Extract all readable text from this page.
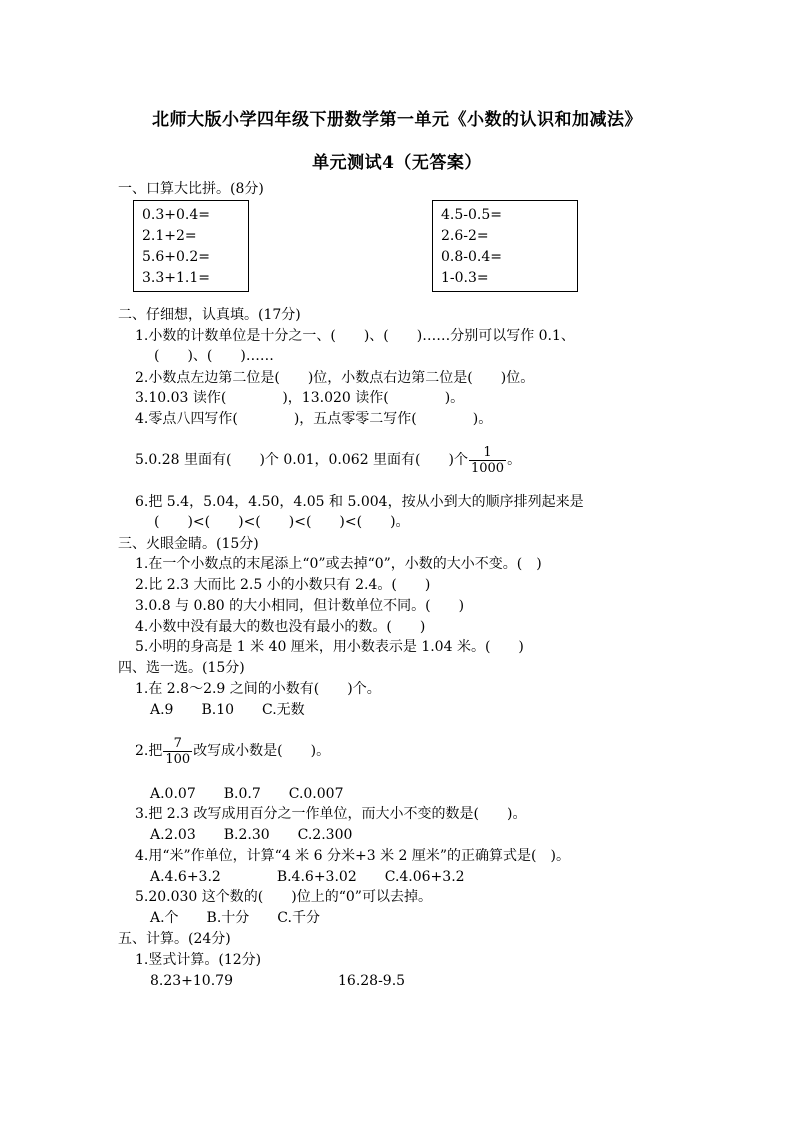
北师大版小学四年级下册数学第一单元《小数的认识和加减法》
单元测试4（无答案）
一、口算大比拼。(8分)
0.3+0.4=
2.1+2=
5.6+0.2=
3.3+1.1=
4.5-0.5=
2.6-2=
0.8-0.4=
1-0.3=
二、仔细想，认真填。(17分)
1.小数的计数单位是十分之一、(　　)、(　　)……分别可以写作 0.1、
(　　)、(　　)……
2.小数点左边第二位是(　　)位，小数点右边第二位是(　　)位。
3.10.03 读作(　　　　)，13.020 读作(　　　　)。
4.零点八四写作(　　　　)，五点零零二写作(　　　　)。
5.0.28 里面有(　　)个 0.01，0.062 里面有(　　)个 $\frac{1}{1000}$ 。
6.把 5.4，5.04，4.50，4.05 和 5.004，按从小到大的顺序排列起来是
(　　)<(　　)<(　　)<(　　)<(　　)。
三、火眼金睛。(15分)
1.在一个小数点的末尾添上“0”或去掉“0”，小数的大小不变。(　)
2.比 2.3 大而比 2.5 小的小数只有 2.4。(　　)
3.0.8 与 0.80 的大小相同，但计数单位不同。(　　)
4.小数中没有最大的数也没有最小的数。(　　)
5.小明的身高是 1 米 40 厘米，用小数表示是 1.04 米。(　　)
四、选一选。(15分)
1.在 2.8～2.9 之间的小数有(　　)个。
A.9　　B.10　　C.无数
2.把 $\frac{7}{100}$ 改写成小数是(　　)。
A.0.07　　B.0.7　　C.0.007
3.把 2.3 改写成用百分之一作单位，而大小不变的数是(　　)。
A.2.03　　B.2.30　　C.2.300
4.用“米”作单位，计算“4 米 6 分米+3 米 2 厘米”的正确算式是(　)。
A.4.6+3.2　　　　B.4.6+3.02　　C.4.06+3.2
5.20.030 这个数的(　　)位上的“0”可以去掉。
A.个　　B.十分　　C.千分
五、计算。(24分)
1.竖式计算。(12分)
8.23+10.79	16.28-9.5
